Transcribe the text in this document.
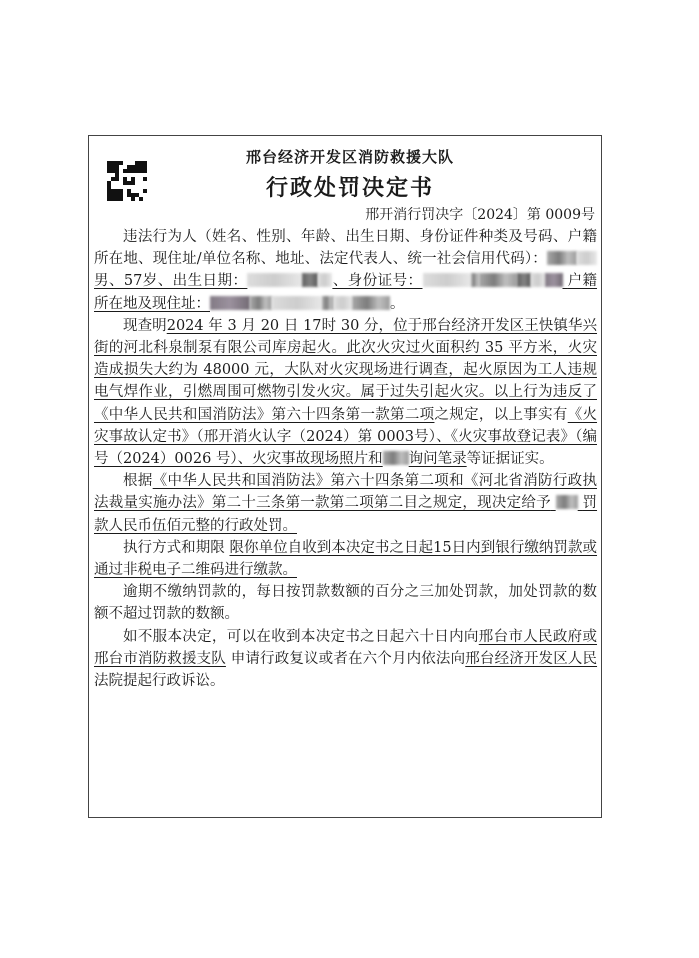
邢台经济开发区消防救援大队
行政处罚决定书
邢开消行罚决字〔2024〕第 0009号

违法行为人（姓名、性别、年龄、出生日期、身份证件种类及号码、户籍所在地、现住址/单位名称、地址、法定代表人、统一社会信用代码）： 男、57岁、出生日期：	、身份证号：	户籍所在地及现住址：	。

现查明2024 年 3 月 20 日 17时 30 分，位于邢台经济开发区王快镇华兴街的河北科泉制泵有限公司库房起火。此次火灾过火面积约 35 平方米，火灾造成损失大约为 48000 元，大队对火灾现场进行调查，起火原因为工人违规电气焊作业，引燃周围可燃物引发火灾。属于过失引起火灾。以上行为违反了《中华人民共和国消防法》第六十四条第一款第二项之规定，以上事实有《火灾事故认定书》（邢开消火认字（2024）第 0003号）、《火灾事故登记表》（编号（2024）0026 号）、火灾事故现场照片和 询问笔录等证据证实。

根据《中华人民共和国消防法》第六十四条第二项和《河北省消防行政执法裁量实施办法》第二十三条第一款第二项第二目之规定，现决定给予 罚款人民币伍佰元整的行政处罚。

执行方式和期限 限你单位自收到本决定书之日起15日内到银行缴纳罚款或通过非税电子二维码进行缴款。

逾期不缴纳罚款的，每日按罚款数额的百分之三加处罚款，加处罚款的数额不超过罚款的数额。

如不服本决定，可以在收到本决定书之日起六十日内向邢台市人民政府或邢台市消防救援支队 申请行政复议或者在六个月内依法向邢台经济开发区人民 法院提起行政诉讼。
